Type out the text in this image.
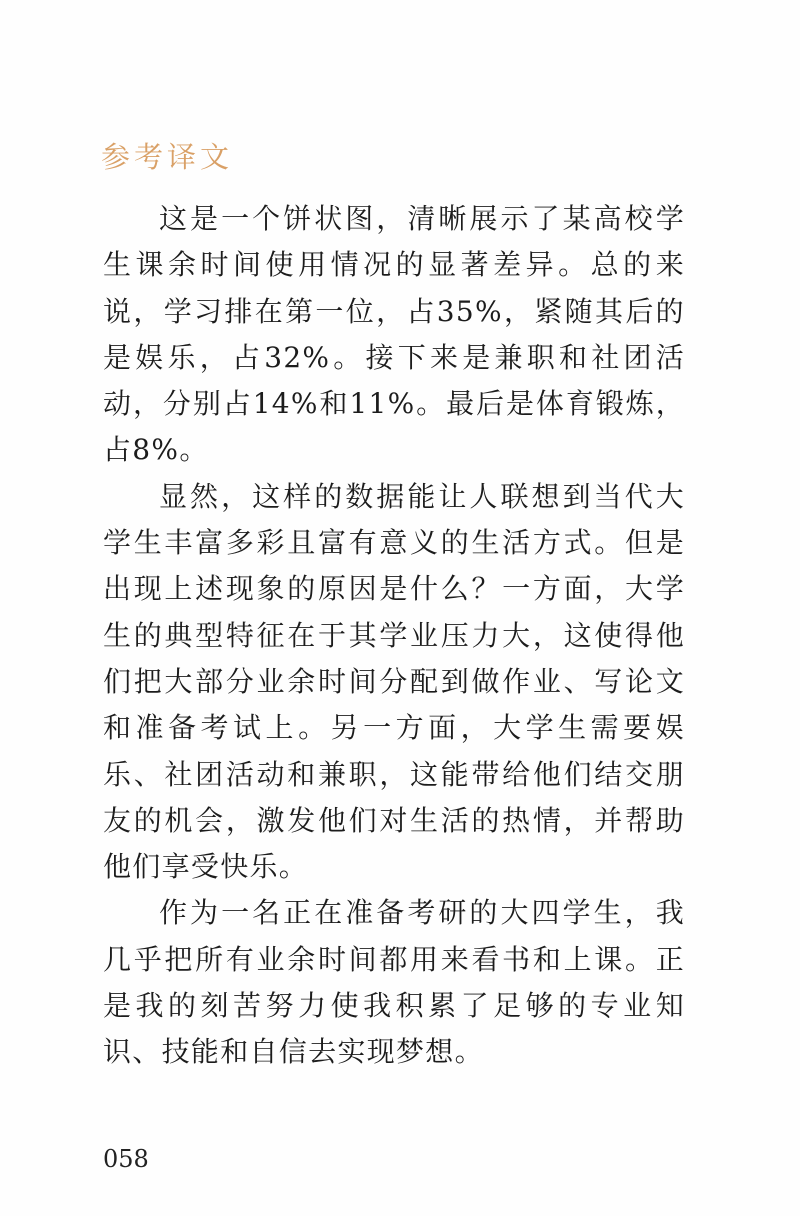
参考译文

这是一个饼状图，清晰展示了某高校学生课余时间使用情况的显著差异。总的来说，学习排在第一位，占35%，紧随其后的是娱乐，占32%。接下来是兼职和社团活动，分别占14%和11%。最后是体育锻炼，占8%。

显然，这样的数据能让人联想到当代大学生丰富多彩且富有意义的生活方式。但是出现上述现象的原因是什么？一方面，大学生的典型特征在于其学业压力大，这使得他们把大部分业余时间分配到做作业、写论文和准备考试上。另一方面，大学生需要娱乐、社团活动和兼职，这能带给他们结交朋友的机会，激发他们对生活的热情，并帮助他们享受快乐。

作为一名正在准备考研的大四学生，我几乎把所有业余时间都用来看书和上课。正是我的刻苦努力使我积累了足够的专业知识、技能和自信去实现梦想。

058
